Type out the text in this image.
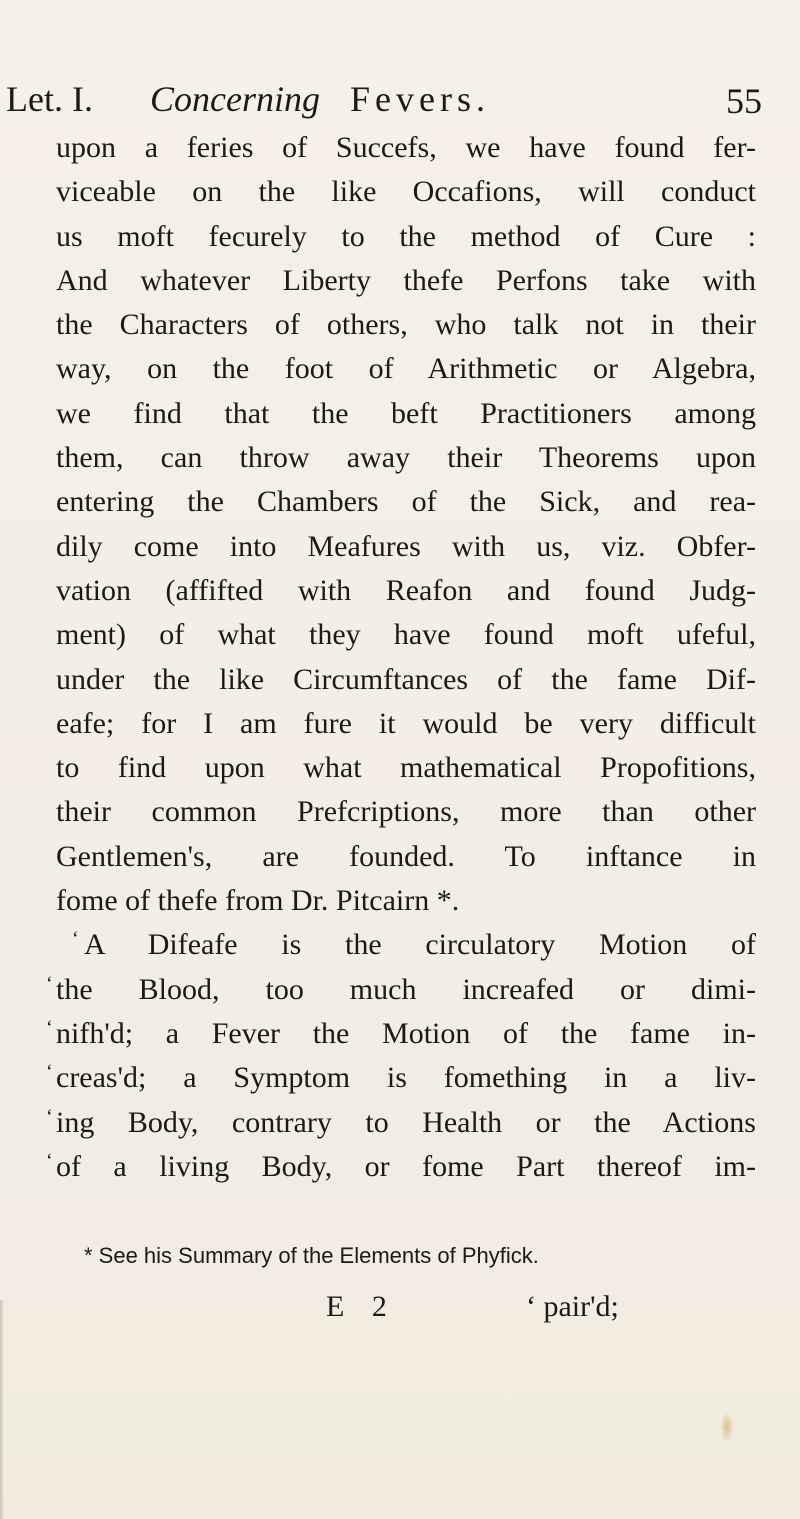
Let. I. Concerning Fevers.	55
upon a feries of Succefs, we have found fer-
viceable on the like Occafions, will conduct
us moft fecurely to the method of Cure :
And whatever Liberty thefe Perfons take with
the Characters of others, who talk not in their
way, on the foot of Arithmetic or Algebra,
we find that the beft Practitioners among
them, can throw away their Theorems upon
entering the Chambers of the Sick, and rea-
dily come into Meafures with us, viz. Obfer-
vation (affifted with Reafon and found Judg-
ment) of what they have found moft ufeful,
under the like Circumftances of the fame Dif-
eafe; for I am fure it would be very difficult
to find upon what mathematical Propofitions,
their common Prefcriptions, more than other
Gentlemen's, are founded. To inftance in
fome of thefe from Dr. Pitcairn *.
‘ A Difeafe is the circulatory Motion of
‘ the Blood, too much increafed or dimi-
‘ nifh'd; a Fever the Motion of the fame in-
‘ creas'd; a Symptom is fomething in a liv-
‘ ing Body, contrary to Health or the Actions
‘ of a living Body, or fome Part thereof im-
* See his Summary of the Elements of Phyfick.
E 2	‘ pair'd;
